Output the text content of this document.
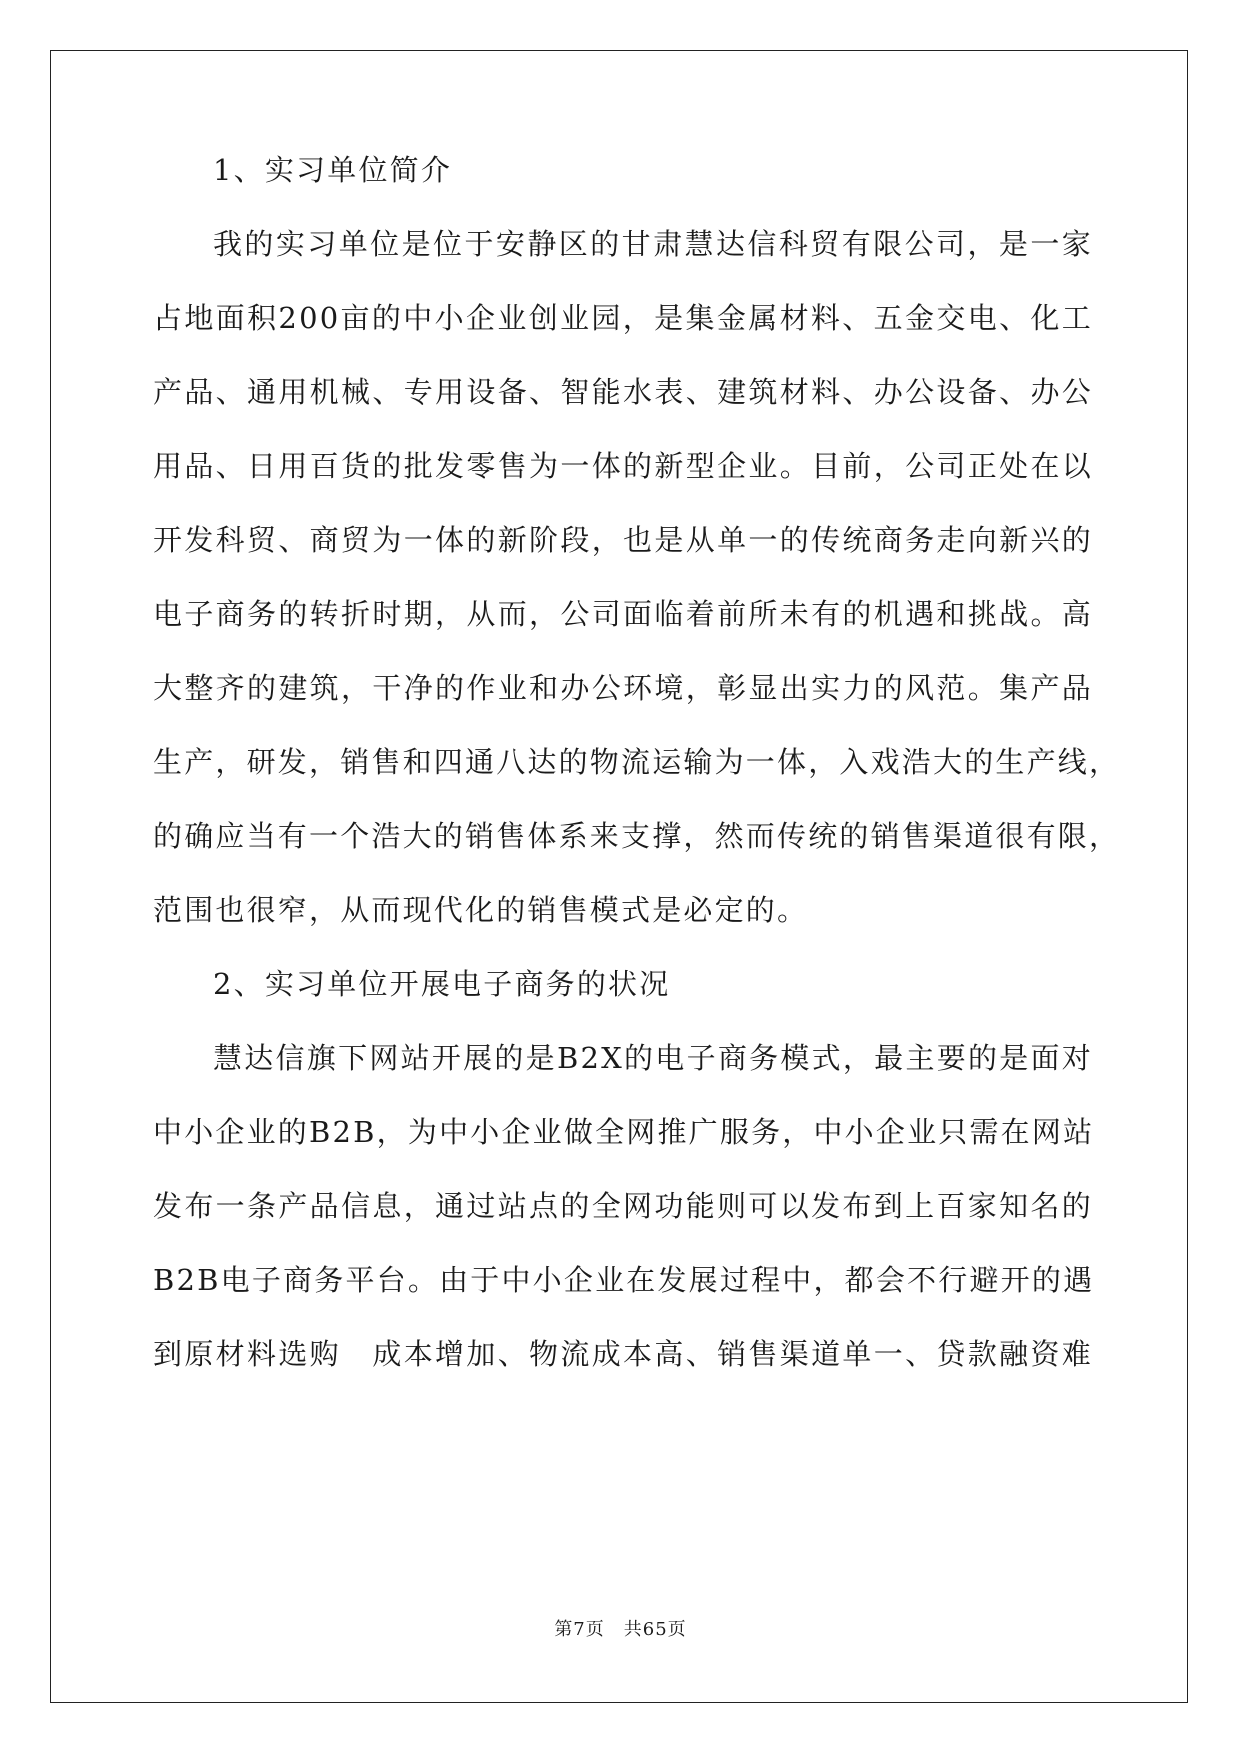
1、实习单位简介
我的实习单位是位于安静区的甘肃慧达信科贸有限公司，是一家
占地面积200亩的中小企业创业园，是集金属材料、五金交电、化工
产品、通用机械、专用设备、智能水表、建筑材料、办公设备、办公
用品、日用百货的批发零售为一体的新型企业。目前，公司正处在以
开发科贸、商贸为一体的新阶段，也是从单一的传统商务走向新兴的
电子商务的转折时期，从而，公司面临着前所未有的机遇和挑战。高
大整齐的建筑，干净的作业和办公环境，彰显出实力的风范。集产品
生产，研发，销售和四通八达的物流运输为一体，入戏浩大的生产线，
的确应当有一个浩大的销售体系来支撑，然而传统的销售渠道很有限，
范围也很窄，从而现代化的销售模式是必定的。
2、实习单位开展电子商务的状况
慧达信旗下网站开展的是B2X的电子商务模式，最主要的是面对
中小企业的B2B，为中小企业做全网推广服务，中小企业只需在网站
发布一条产品信息，通过站点的全网功能则可以发布到上百家知名的
B2B电子商务平台。由于中小企业在发展过程中，都会不行避开的遇
到原材料选购　成本增加、物流成本高、销售渠道单一、贷款融资难
第7页　共65页
